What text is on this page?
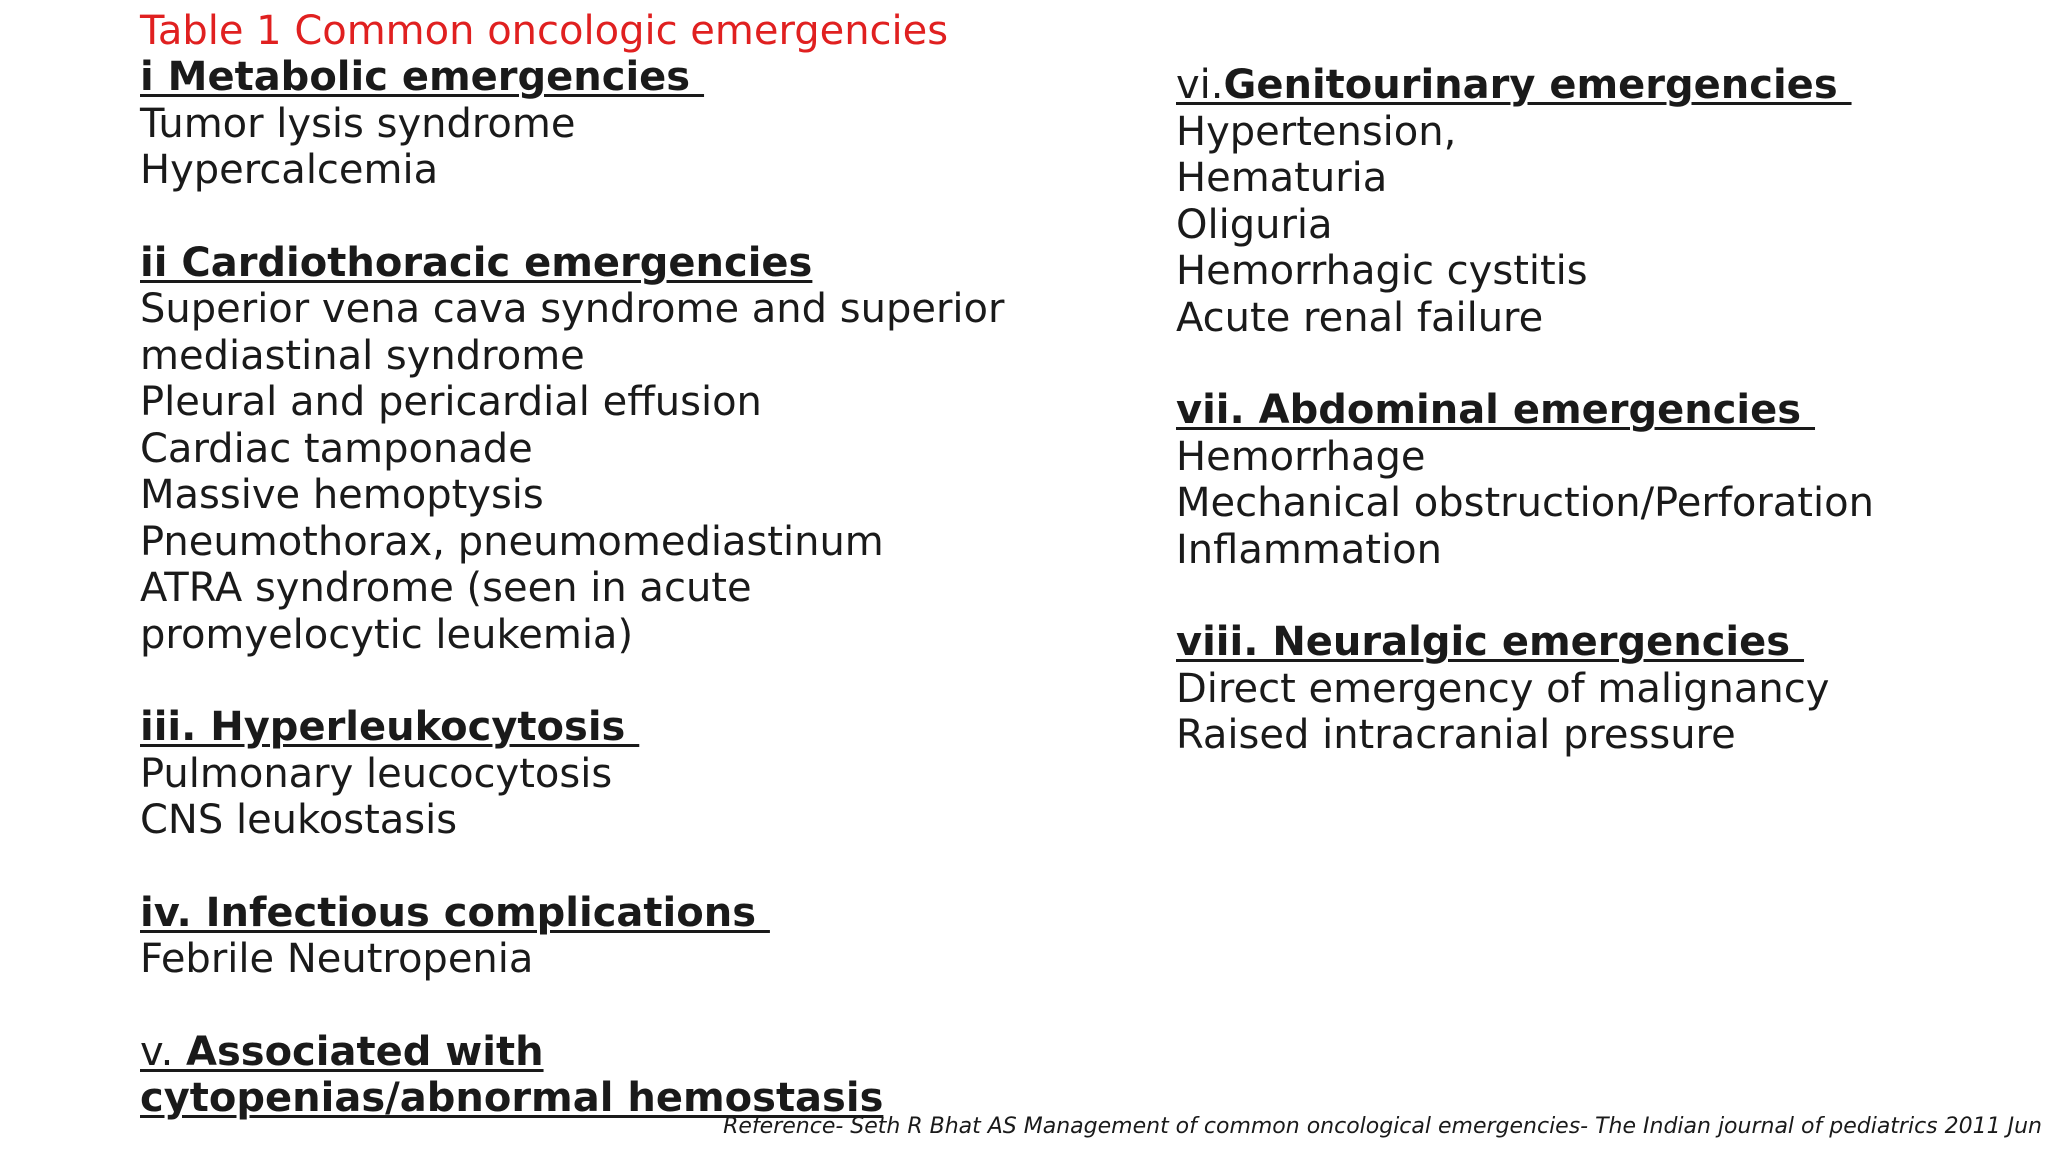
Table 1 Common oncologic emergencies
i Metabolic emergencies
Tumor lysis syndrome
Hypercalcemia
ii Cardiothoracic emergencies
Superior vena cava syndrome and superior mediastinal syndrome
Pleural and pericardial effusion
Cardiac tamponade
Massive hemoptysis
Pneumothorax, pneumomediastinum
ATRA syndrome (seen in acute promyelocytic leukemia)
iii. Hyperleukocytosis
Pulmonary leucocytosis
CNS leukostasis
iv. Infectious complications
Febrile Neutropenia
v. Associated with cytopenias/abnormal hemostasis
vi.Genitourinary emergencies
Hypertension,
Hematuria
Oliguria
Hemorrhagic cystitis
Acute renal failure
vii. Abdominal emergencies
Hemorrhage
Mechanical obstruction/Perforation
Inflammation
viii. Neuralgic emergencies
Direct emergency of malignancy
Raised intracranial pressure
Reference- Seth R Bhat AS Management of common oncological emergencies- The Indian journal of pediatrics 2011 Jun
